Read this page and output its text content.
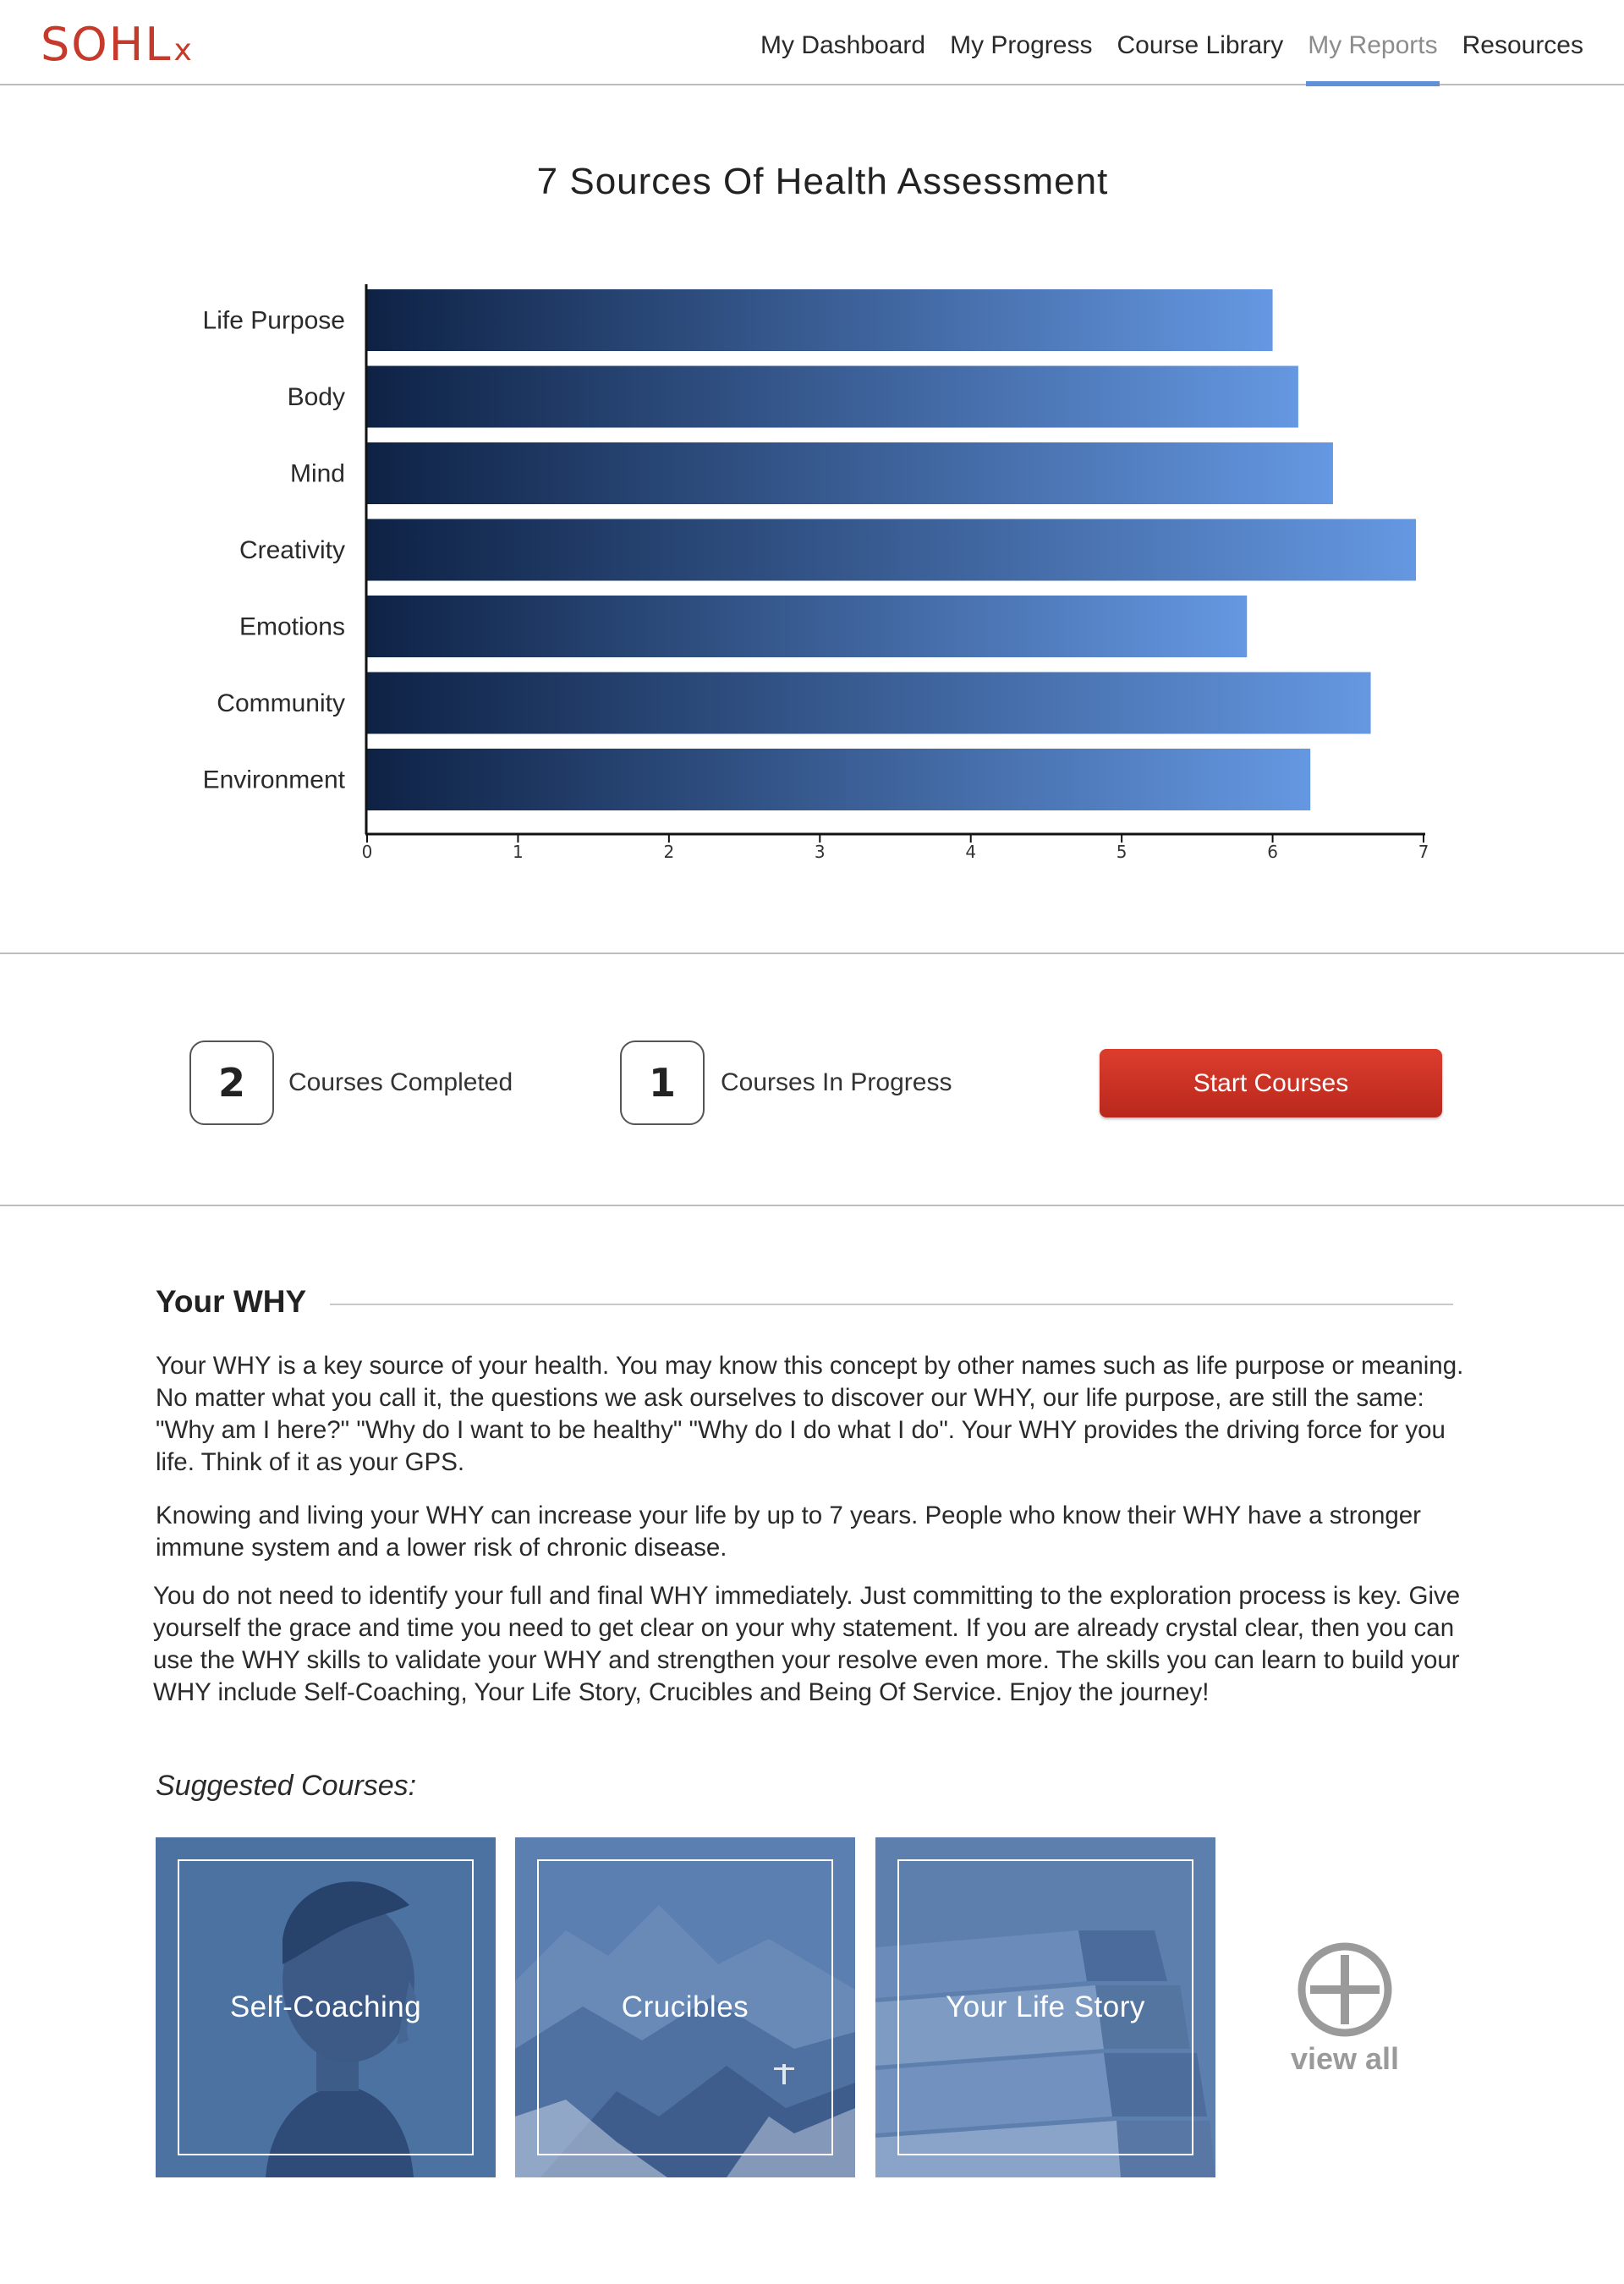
SOHLx	My Dashboard My Progress Course Library My Reports Resources
7 Sources Of Health Assessment
Life Purpose
Body
Mind
Creativity
Emotions
Community
Environment
0	1	2	3	4	5	6	7
2	Courses Completed	1	Courses In Progress	Start Courses
Your WHY

Your WHY is a key source of your health. You may know this concept by other names such as life purpose or meaning. No matter what you call it, the questions we ask ourselves to discover our WHY, our life purpose, are still the same: "Why am I here?" "Why do I want to be healthy" "Why do I do what I do". Your WHY provides the driving force for you life. Think of it as your GPS.

Knowing and living your WHY can increase your life by up to 7 years. People who know their WHY have a stronger immune system and a lower risk of chronic disease.

You do not need to identify your full and final WHY immediately. Just committing to the exploration process is key. Give yourself the grace and time you need to get clear on your why statement. If you are already crystal clear, then you can use the WHY skills to validate your WHY and strengthen your resolve even more. The skills you can learn to build your WHY include Self-Coaching, Your Life Story, Crucibles and Being Of Service. Enjoy the journey!

Suggested Courses:
Self-Coaching	Crucibles	Your Life Story
view all
